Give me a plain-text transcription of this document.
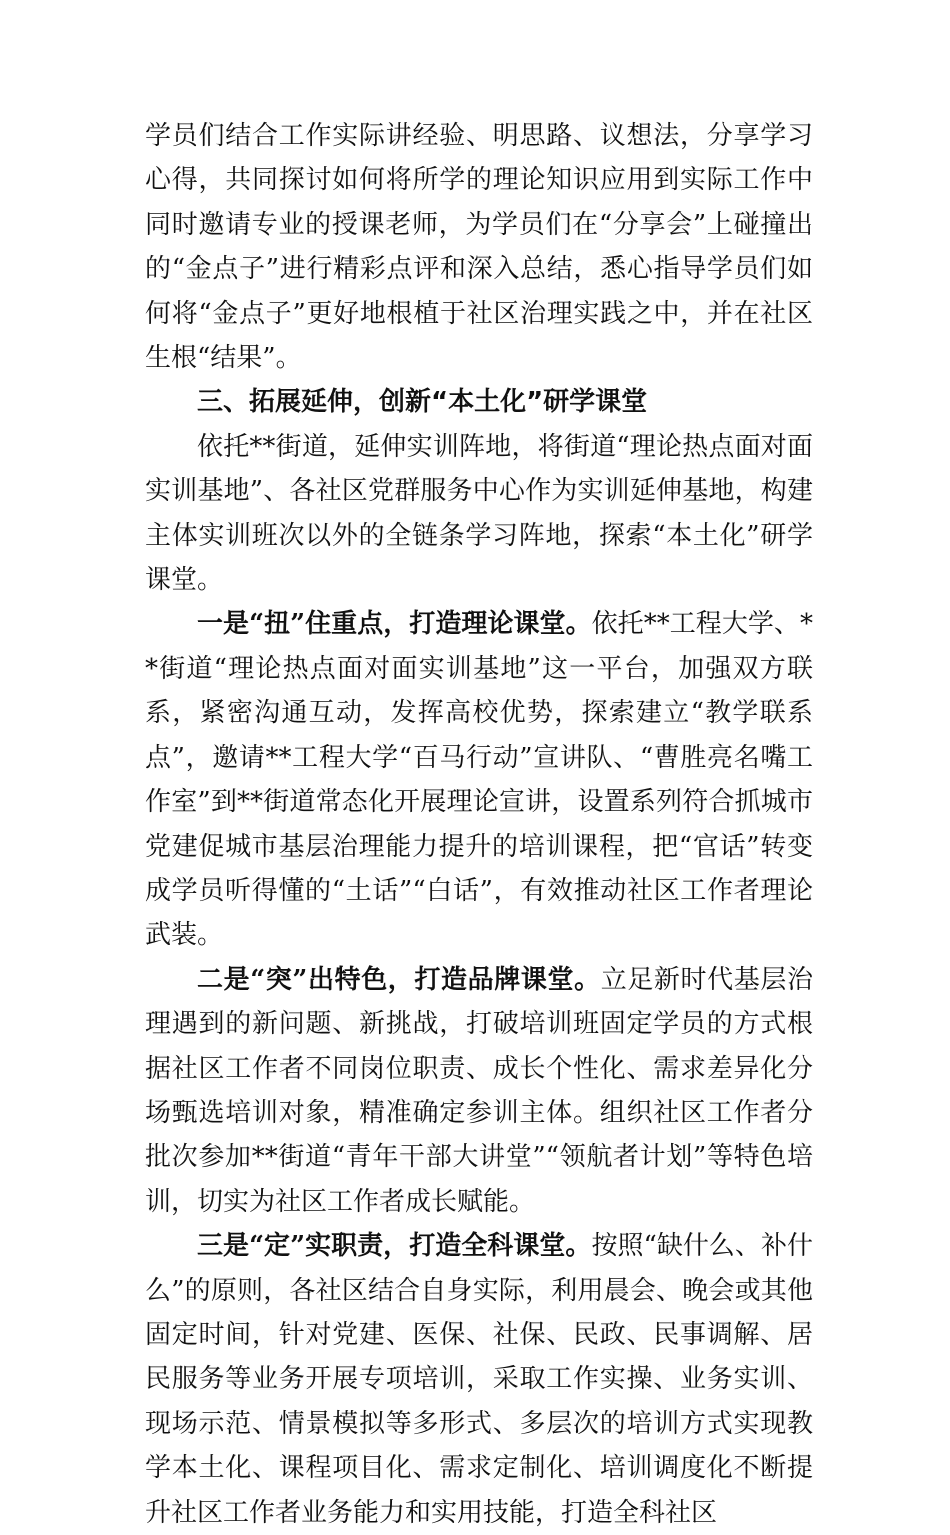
学员们结合工作实际讲经验、明思路、议想法，分享学习心得，共同探讨如何将所学的理论知识应用到实际工作中同时邀请专业的授课老师，为学员们在“分享会”上碰撞出的“金点子”进行精彩点评和深入总结，悉心指导学员们如何将“金点子”更好地根植于社区治理实践之中，并在社区生根“结果”。

三、拓展延伸，创新“本土化”研学课堂

依托**街道，延伸实训阵地，将街道“理论热点面对面实训基地”、各社区党群服务中心作为实训延伸基地，构建主体实训班次以外的全链条学习阵地，探索“本土化”研学课堂。

一是“扭”住重点，打造理论课堂。依托**工程大学、**街道“理论热点面对面实训基地”这一平台，加强双方联系，紧密沟通互动，发挥高校优势，探索建立“教学联系点”，邀请**工程大学“百马行动”宣讲队、“曹胜亮名嘴工作室”到**街道常态化开展理论宣讲，设置系列符合抓城市党建促城市基层治理能力提升的培训课程，把“官话”转变成学员听得懂的“土话”“白话”，有效推动社区工作者理论武装。

二是“突”出特色，打造品牌课堂。立足新时代基层治理遇到的新问题、新挑战，打破培训班固定学员的方式根据社区工作者不同岗位职责、成长个性化、需求差异化分场甄选培训对象，精准确定参训主体。组织社区工作者分批次参加**街道“青年干部大讲堂”“领航者计划”等特色培训，切实为社区工作者成长赋能。

三是“定”实职责，打造全科课堂。按照“缺什么、补什么”的原则，各社区结合自身实际，利用晨会、晚会或其他固定时间，针对党建、医保、社保、民政、民事调解、居民服务等业务开展专项培训，采取工作实操、业务实训、现场示范、情景模拟等多形式、多层次的培训方式实现教学本土化、课程项目化、需求定制化、培训调度化不断提升社区工作者业务能力和实用技能，打造全科社区
